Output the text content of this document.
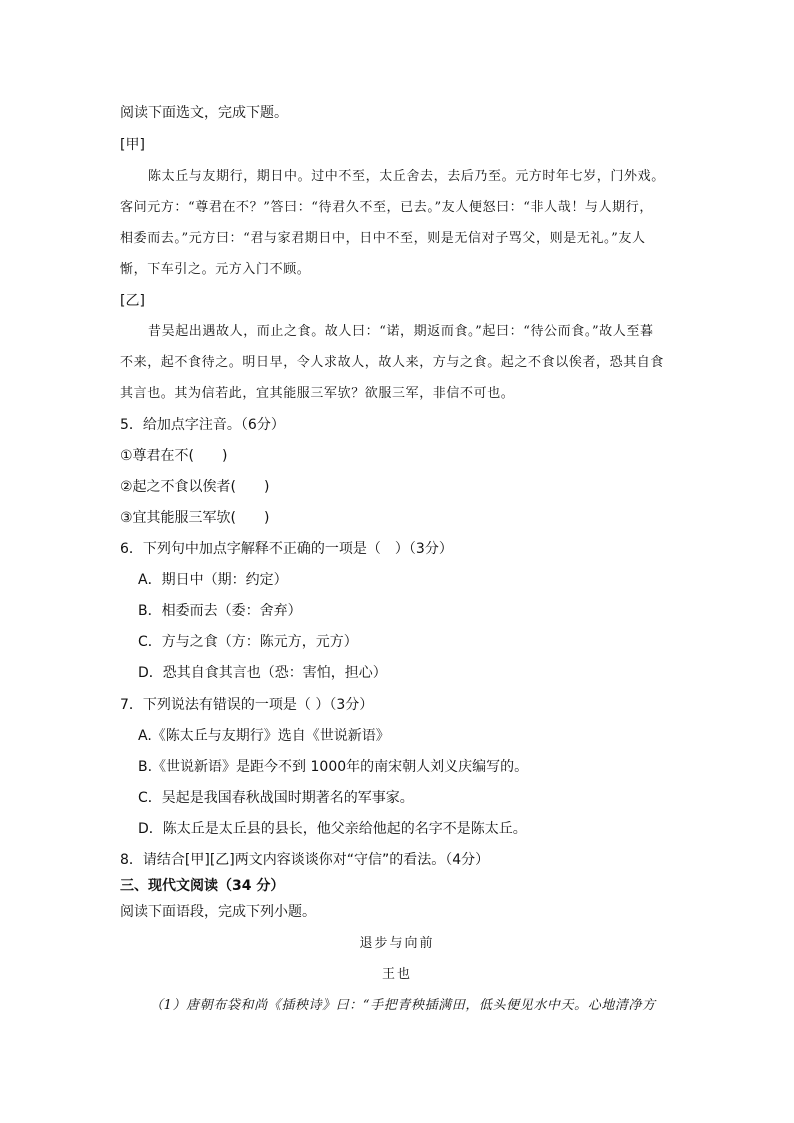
阅读下面选文，完成下题。
[甲]
陈太丘与友期行，期日中。过中不至，太丘舍去，去后乃至。元方时年七岁，门外戏。
客问元方：“尊君在不？”答曰：“待君久不至，已去。”友人便怒曰：“非人哉！与人期行，
相委而去。”元方曰：“君与家君期日中，日中不至，则是无信对子骂父，则是无礼。”友人
惭，下车引之。元方入门不顾。
[乙]
昔吴起出遇故人，而止之食。故人曰：“诺，期返而食。”起曰：“待公而食。”故人至暮
不来，起不食待之。明日早，令人求故人，故人来，方与之食。起之不食以俟者，恐其自食
其言也。其为信若此，宜其能服三军欤？欲服三军，非信不可也。
5．给加点字注音。（6分）
①尊君在不(　　)
②起之不食以俟者(　　)
③宜其能服三军欤(　　)
6．下列句中加点字解释不正确的一项是（　）（3分）
A．期日中（期：约定）
B．相委而去（委：舍弃）
C．方与之食（方：陈元方，元方）
D．恐其自食其言也（恐：害怕，担心）
7．下列说法有错误的一项是（ ）（3分）
A.《陈太丘与友期行》选自《世说新语》
B.《世说新语》是距今不到 1000年的南宋朝人刘义庆编写的。
C．吴起是我国春秋战国时期著名的军事家。
D．陈太丘是太丘县的县长，他父亲给他起的名字不是陈太丘。
8．请结合[甲][乙]两文内容谈谈你对“守信”的看法。（4分）
三、现代文阅读（34 分）
阅读下面语段，完成下列小题。
退步与向前
王也
（1）唐朝布袋和尚《插秧诗》曰：“手把青秧插满田，低头便见水中天。心地清净方
